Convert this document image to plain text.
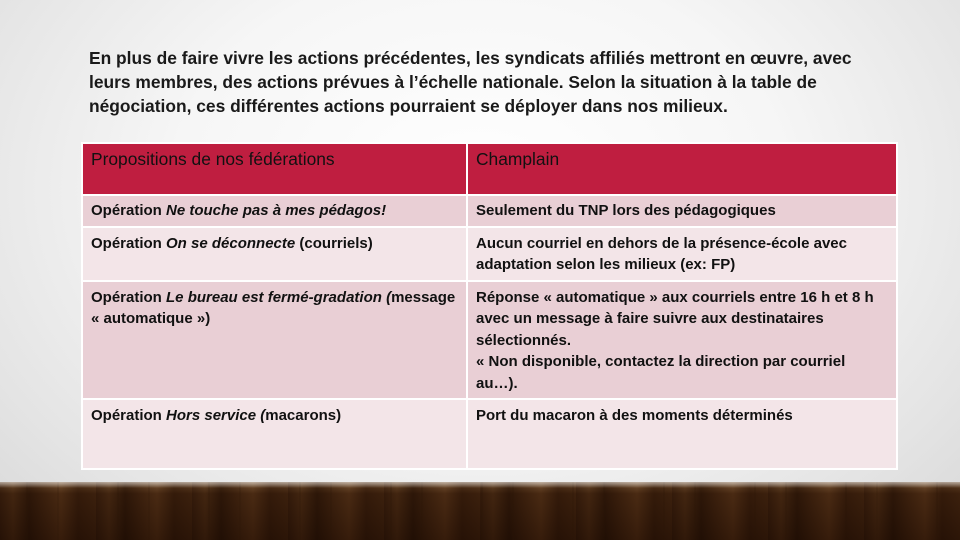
En plus de faire vivre les actions précédentes, les syndicats affiliés mettront en œuvre, avec leurs membres, des actions prévues à l’échelle nationale. Selon la situation à la table de négociation, ces différentes actions pourraient se déployer dans nos milieux.

Propositions de nos fédérations	Champlain
Opération Ne touche pas à mes pédagos!	Seulement du TNP lors des pédagogiques
Opération On se déconnecte (courriels)	Aucun courriel en dehors de la présence-école avec adaptation selon les milieux (ex: FP)
Opération Le bureau est fermé-gradation (message « automatique »)	Réponse « automatique » aux courriels entre 16 h et 8 h avec un message à faire suivre aux destinataires sélectionnés.
« Non disponible, contactez la direction par courriel au…).

Opération Hors service (macarons)	Port du macaron à des moments déterminés
